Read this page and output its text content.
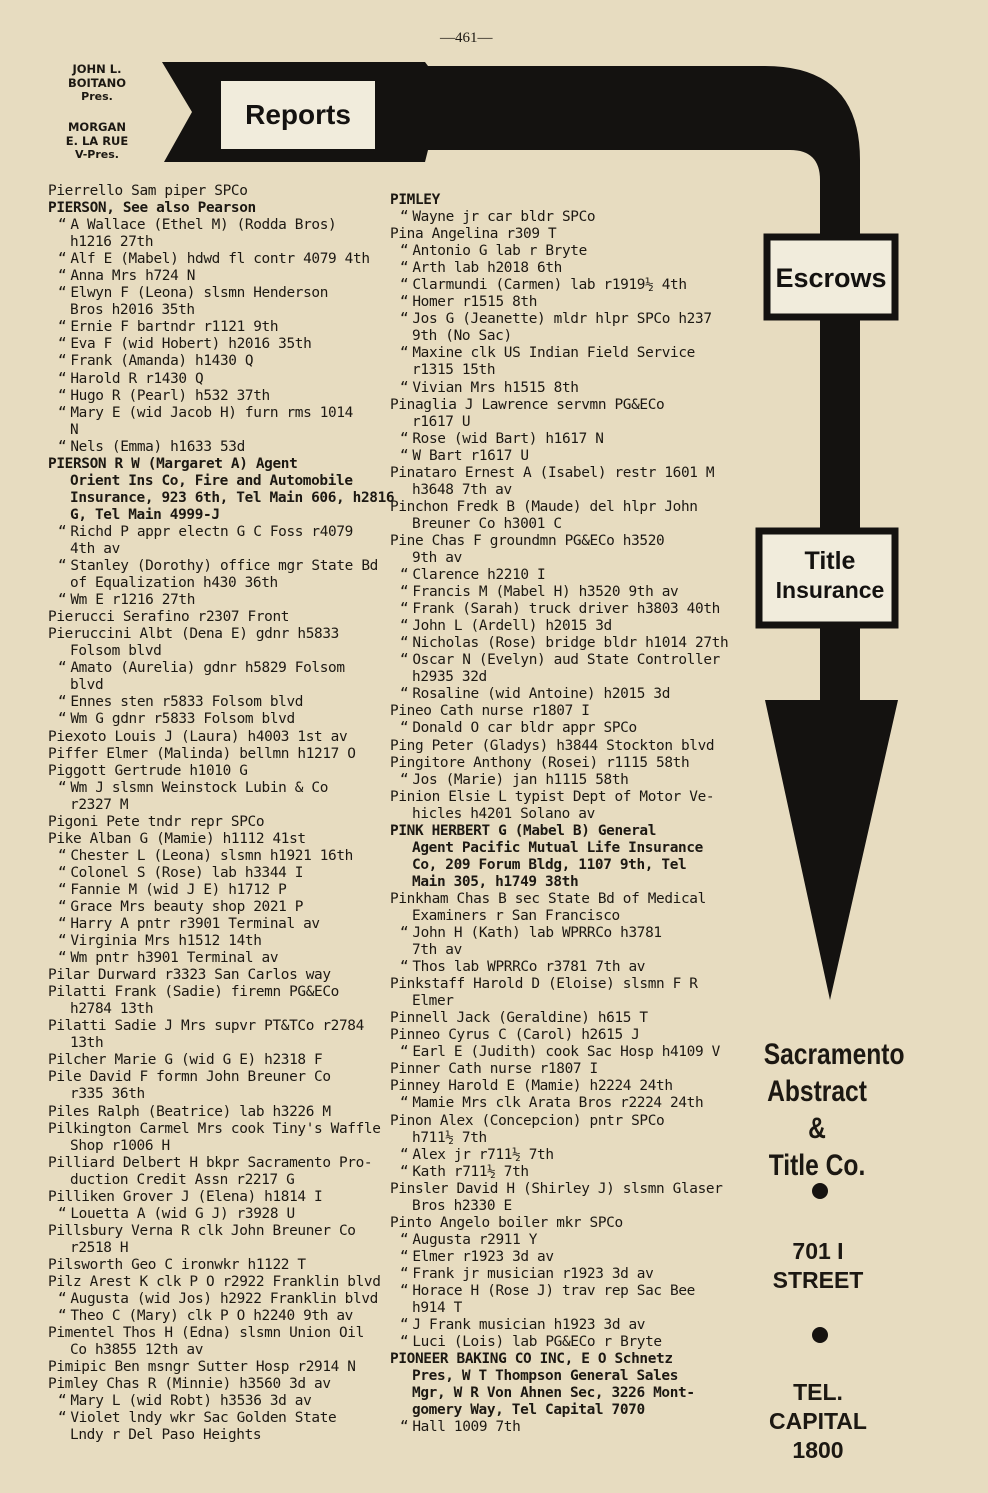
—461—
JOHN L.
BOITANO
Pres.
MORGAN
E. LA RUE
V-Pres.
Reports
Escrows
Title
Insurance
Pierrello Sam piper SPCo
PIERSON, See also Pearson
“ A Wallace (Ethel M) (Rodda Bros)
h1216 27th
“ Alf E (Mabel) hdwd fl contr 4079 4th
“ Anna Mrs h724 N
“ Elwyn F (Leona) slsmn Henderson
Bros h2016 35th
“ Ernie F bartndr r1121 9th
“ Eva F (wid Hobert) h2016 35th
“ Frank (Amanda) h1430 Q
“ Harold R r1430 Q
“ Hugo R (Pearl) h532 37th
“ Mary E (wid Jacob H) furn rms 1014
N
“ Nels (Emma) h1633 53d
PIERSON R W (Margaret A) Agent
Orient Ins Co, Fire and Automobile
Insurance, 923 6th, Tel Main 606, h2816
G, Tel Main 4999-J
“ Richd P appr electn G C Foss r4079
4th av
“ Stanley (Dorothy) office mgr State Bd
of Equalization h430 36th
“ Wm E r1216 27th
Pierucci Serafino r2307 Front
Pieruccini Albt (Dena E) gdnr h5833
Folsom blvd
“ Amato (Aurelia) gdnr h5829 Folsom
blvd
“ Ennes sten r5833 Folsom blvd
“ Wm G gdnr r5833 Folsom blvd
Piexoto Louis J (Laura) h4003 1st av
Piffer Elmer (Malinda) bellmn h1217 O
Piggott Gertrude h1010 G
“ Wm J slsmn Weinstock Lubin & Co
r2327 M
Pigoni Pete tndr repr SPCo
Pike Alban G (Mamie) h1112 41st
“ Chester L (Leona) slsmn h1921 16th
“ Colonel S (Rose) lab h3344 I
“ Fannie M (wid J E) h1712 P
“ Grace Mrs beauty shop 2021 P
“ Harry A pntr r3901 Terminal av
“ Virginia Mrs h1512 14th
“ Wm pntr h3901 Terminal av
Pilar Durward r3323 San Carlos way
Pilatti Frank (Sadie) firemn PG&ECo
h2784 13th
Pilatti Sadie J Mrs supvr PT&TCo r2784
13th
Pilcher Marie G (wid G E) h2318 F
Pile David F formn John Breuner Co
r335 36th
Piles Ralph (Beatrice) lab h3226 M
Pilkington Carmel Mrs cook Tiny's Waffle
Shop r1006 H
Pilliard Delbert H bkpr Sacramento Pro-
duction Credit Assn r2217 G
Pilliken Grover J (Elena) h1814 I
“ Louetta A (wid G J) r3928 U
Pillsbury Verna R clk John Breuner Co
r2518 H
Pilsworth Geo C ironwkr h1122 T
Pilz Arest K clk P O r2922 Franklin blvd
“ Augusta (wid Jos) h2922 Franklin blvd
“ Theo C (Mary) clk P O h2240 9th av
Pimentel Thos H (Edna) slsmn Union Oil
Co h3855 12th av
Pimipic Ben msngr Sutter Hosp r2914 N
Pimley Chas R (Minnie) h3560 3d av
“ Mary L (wid Robt) h3536 3d av
“ Violet lndy wkr Sac Golden State
Lndy r Del Paso Heights
PIMLEY
“ Wayne jr car bldr SPCo
Pina Angelina r309 T
“ Antonio G lab r Bryte
“ Arth lab h2018 6th
“ Clarmundi (Carmen) lab r1919½ 4th
“ Homer r1515 8th
“ Jos G (Jeanette) mldr hlpr SPCo h237
9th (No Sac)
“ Maxine clk US Indian Field Service
r1315 15th
“ Vivian Mrs h1515 8th
Pinaglia J Lawrence servmn PG&ECo
r1617 U
“ Rose (wid Bart) h1617 N
“ W Bart r1617 U
Pinataro Ernest A (Isabel) restr 1601 M
h3648 7th av
Pinchon Fredk B (Maude) del hlpr John
Breuner Co h3001 C
Pine Chas F groundmn PG&ECo h3520
9th av
“ Clarence h2210 I
“ Francis M (Mabel H) h3520 9th av
“ Frank (Sarah) truck driver h3803 40th
“ John L (Ardell) h2015 3d
“ Nicholas (Rose) bridge bldr h1014 27th
“ Oscar N (Evelyn) aud State Controller
h2935 32d
“ Rosaline (wid Antoine) h2015 3d
Pineo Cath nurse r1807 I
“ Donald O car bldr appr SPCo
Ping Peter (Gladys) h3844 Stockton blvd
Pingitore Anthony (Rosei) r1115 58th
“ Jos (Marie) jan h1115 58th
Pinion Elsie L typist Dept of Motor Ve-
hicles h4201 Solano av
PINK HERBERT G (Mabel B) General
Agent Pacific Mutual Life Insurance
Co, 209 Forum Bldg, 1107 9th, Tel
Main 305, h1749 38th
Pinkham Chas B sec State Bd of Medical
Examiners r San Francisco
“ John H (Kath) lab WPRRCo h3781
7th av
“ Thos lab WPRRCo r3781 7th av
Pinkstaff Harold D (Eloise) slsmn F R
Elmer
Pinnell Jack (Geraldine) h615 T
Pinneo Cyrus C (Carol) h2615 J
“ Earl E (Judith) cook Sac Hosp h4109 V
Pinner Cath nurse r1807 I
Pinney Harold E (Mamie) h2224 24th
“ Mamie Mrs clk Arata Bros r2224 24th
Pinon Alex (Concepcion) pntr SPCo
h711½ 7th
“ Alex jr r711½ 7th
“ Kath r711½ 7th
Pinsler David H (Shirley J) slsmn Glaser
Bros h2330 E
Pinto Angelo boiler mkr SPCo
“ Augusta r2911 Y
“ Elmer r1923 3d av
“ Frank jr musician r1923 3d av
“ Horace H (Rose J) trav rep Sac Bee
h914 T
“ J Frank musician h1923 3d av
“ Luci (Lois) lab PG&ECo r Bryte
PIONEER BAKING CO INC, E O Schnetz
Pres, W T Thompson General Sales
Mgr, W R Von Ahnen Sec, 3226 Mont-
gomery Way, Tel Capital 7070
“ Hall 1009 7th
Sacramento
Abstract &
Title Co.
701 I
STREET
TEL.
CAPITAL
1800
